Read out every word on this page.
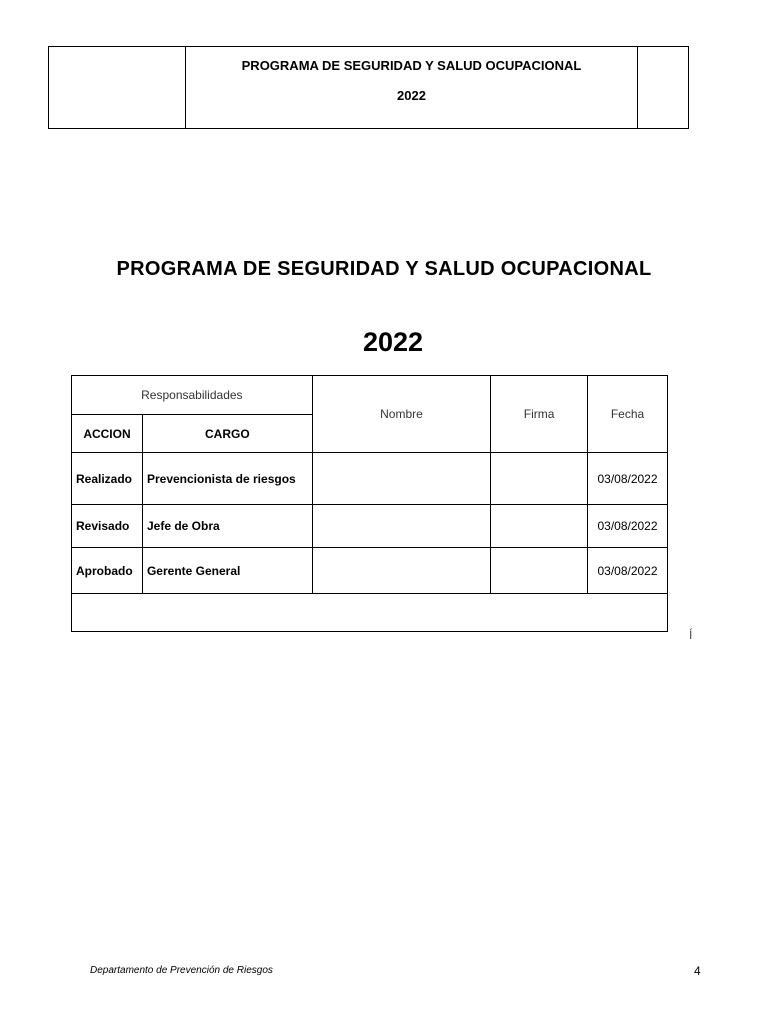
PROGRAMA DE SEGURIDAD Y SALUD OCUPACIONAL
2022
PROGRAMA DE SEGURIDAD Y SALUD OCUPACIONAL
2022
Responsabilidades		Nombre	Firma	Fecha
ACCION	CARGO			
Realizado	Prevencionista de riesgos			03/08/2022
Revisado	Jefe de Obra			03/08/2022
Aprobado	Gerente General			03/08/2022

Í
Departamento de Prevención de Riesgos	4
